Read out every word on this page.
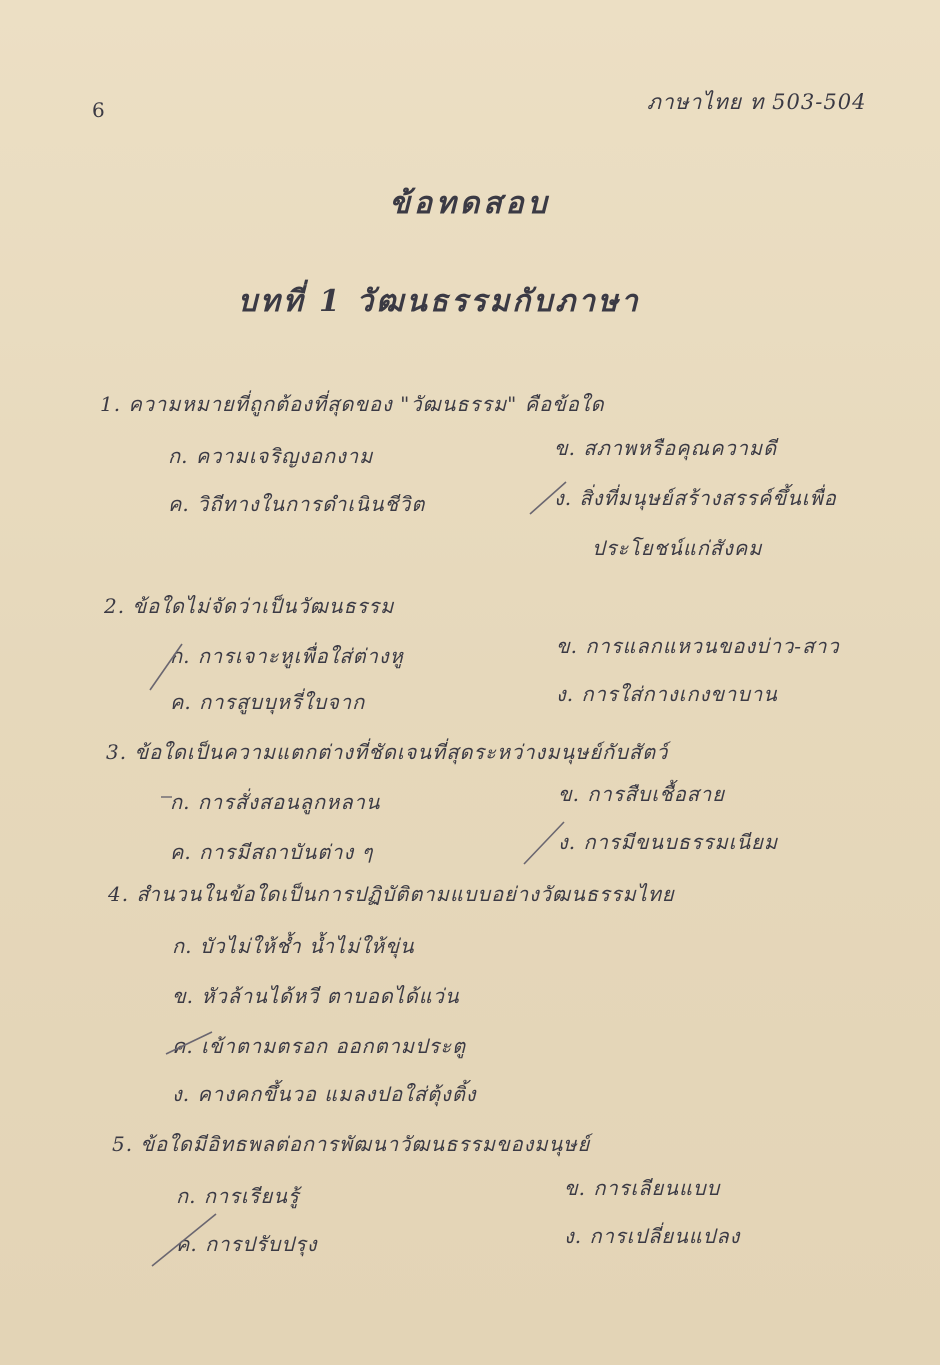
6	ภาษาไทย ท 503-504
ข้อทดสอบ
บทที่ 1 วัฒนธรรมกับภาษา
1. ความหมายที่ถูกต้องที่สุดของ "วัฒนธรรม" คือข้อใด
ก. ความเจริญงอกงาม	ข. สภาพหรือคุณความดี
ค. วิถีทางในการดำเนินชีวิต	ง. สิ่งที่มนุษย์สร้างสรรค์ขึ้นเพื่อ
ประโยชน์แก่สังคม
2. ข้อใดไม่จัดว่าเป็นวัฒนธรรม
ก. การเจาะหูเพื่อใส่ต่างหู	ข. การแลกแหวนของบ่าว-สาว
ค. การสูบบุหรี่ใบจาก	ง. การใส่กางเกงขาบาน
3. ข้อใดเป็นความแตกต่างที่ชัดเจนที่สุดระหว่างมนุษย์กับสัตว์
ก. การสั่งสอนลูกหลาน	ข. การสืบเชื้อสาย
ค. การมีสถาบันต่าง ๆ	ง. การมีขนบธรรมเนียม
4. สำนวนในข้อใดเป็นการปฏิบัติตามแบบอย่างวัฒนธรรมไทย
ก. บัวไม่ให้ช้ำ น้ำไม่ให้ขุ่น
ข. หัวล้านได้หวี ตาบอดได้แว่น
ค. เข้าตามตรอก ออกตามประตู
ง. คางคกขึ้นวอ แมลงปอใส่ตุ้งติ้ง
5. ข้อใดมีอิทธพลต่อการพัฒนาวัฒนธรรมของมนุษย์
ก. การเรียนรู้	ข. การเลียนแบบ
ค. การปรับปรุง	ง. การเปลี่ยนแปลง
